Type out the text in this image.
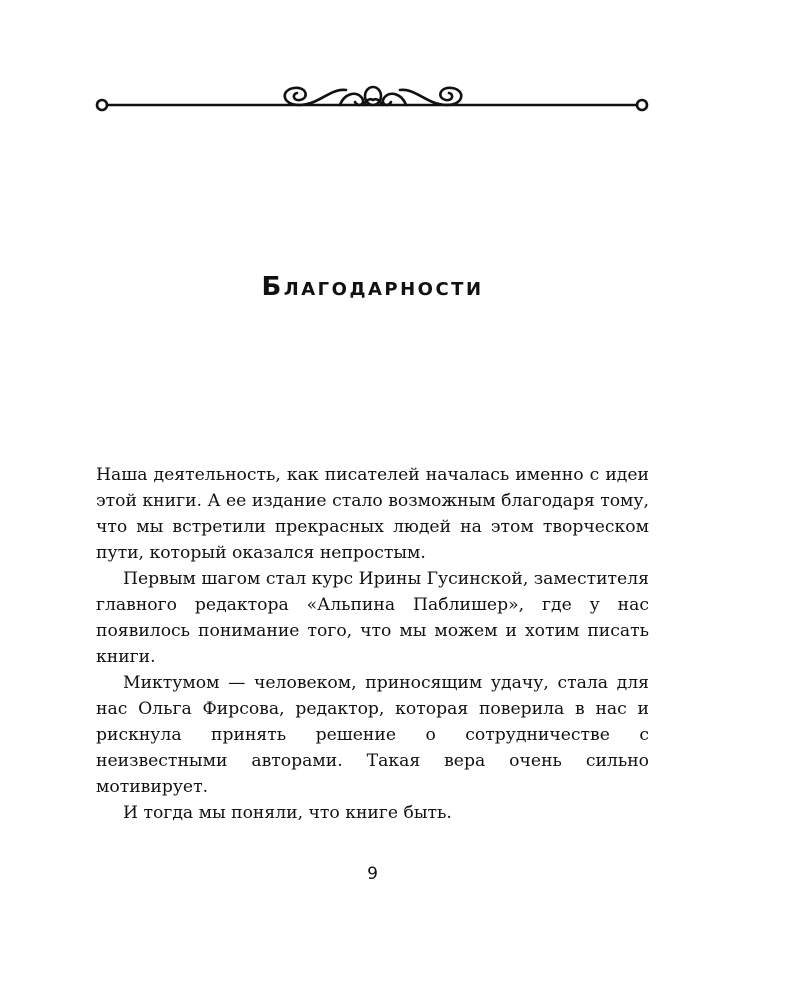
Благодарности

Наша деятельность, как писателей началась именно с идеи этой книги. А ее издание стало возможным благодаря тому, что мы встретили прекрасных людей на этом творческом пути, который оказался непростым.

Первым шагом стал курс Ирины Гусинской, заместителя главного редактора «Альпина Паблишер», где у нас появилось понимание того, что мы можем и хотим писать книги.

Миктумом — человеком, приносящим удачу, стала для нас Ольга Фирсова, редактор, которая поверила в нас и рискнула принять решение о сотрудничестве с неизвестными авторами. Такая вера очень сильно мотивирует.

И тогда мы поняли, что книге быть.

9
